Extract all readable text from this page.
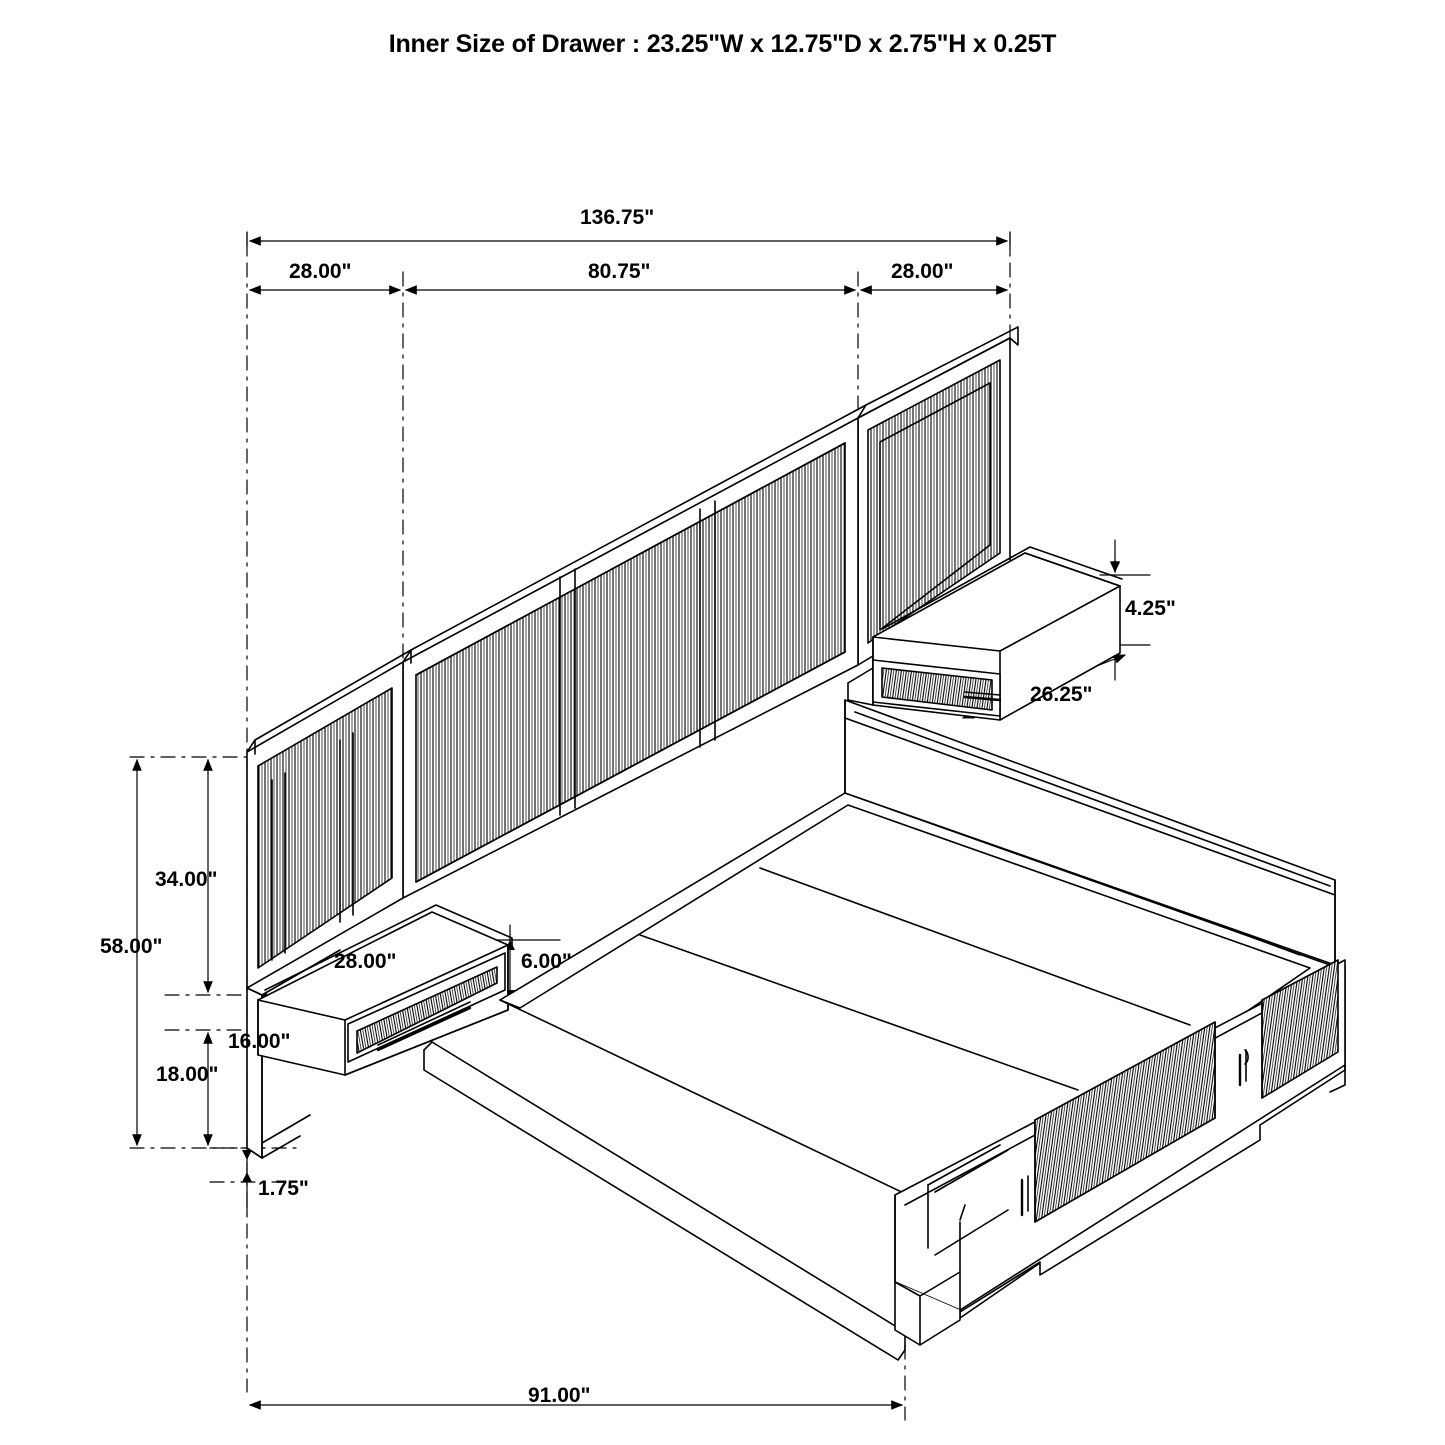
Inner Size of Drawer : 23.25"W x 12.75"D x 2.75"H x 0.25T
136.75"
28.00"	80.75"	28.00"
4.25"
26.25"
34.00"
58.00"
28.00"	6.00"
16.00"
18.00"
1.75"
91.00"
